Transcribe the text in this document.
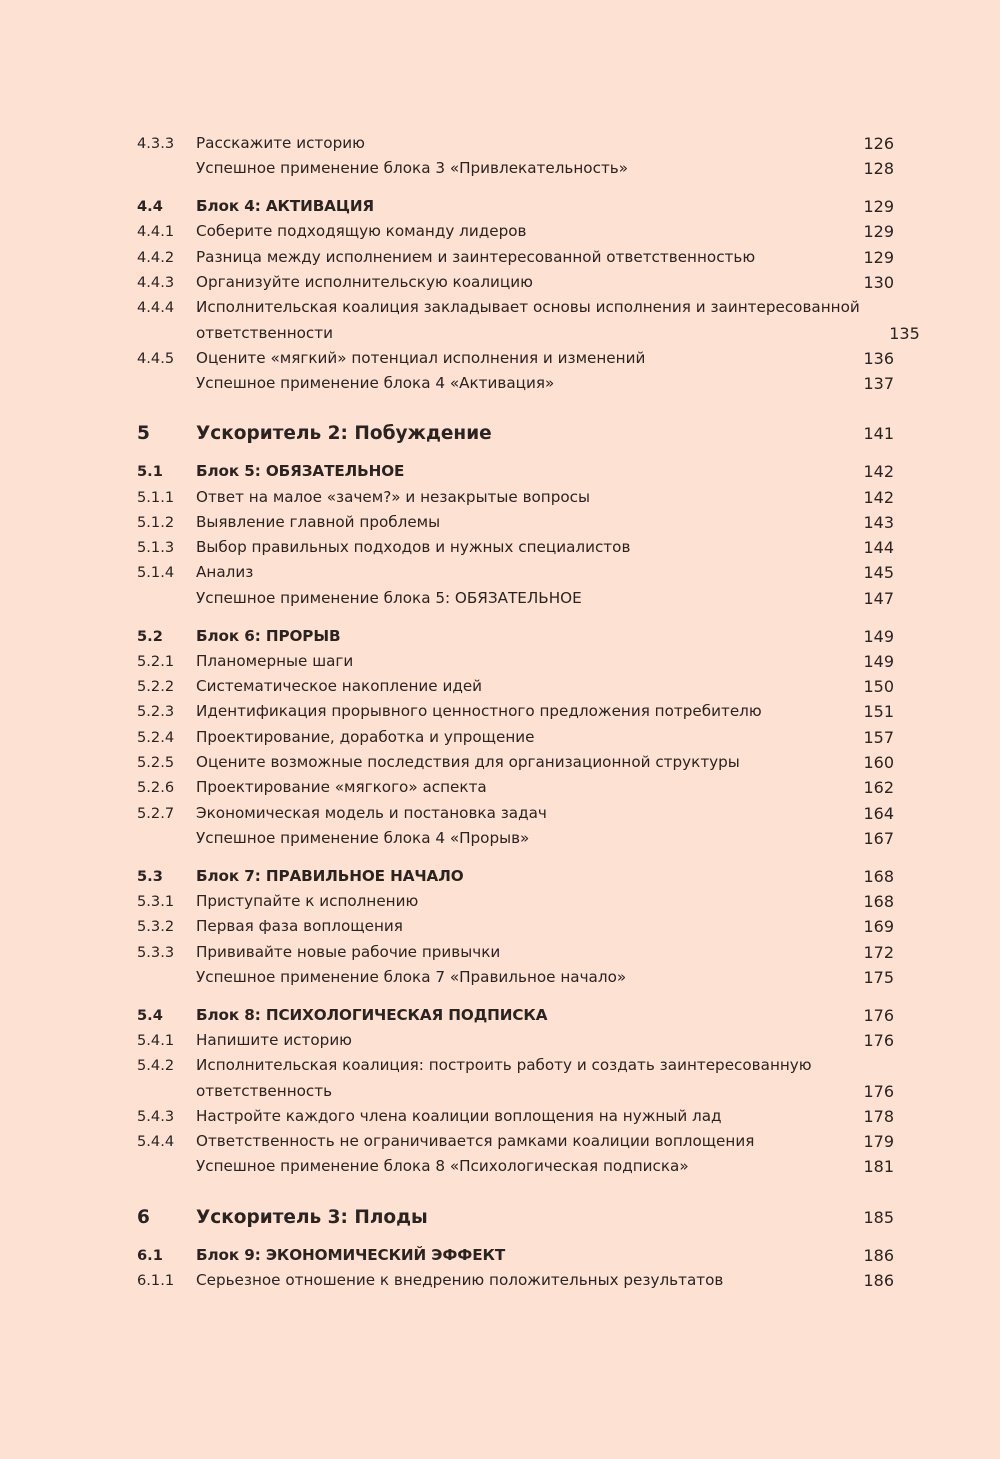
4.3.3	Расскажите историю	126
Успешное применение блока 3 «Привлекательность»	128
4.4	Блок 4: АКТИВАЦИЯ	129
4.4.1	Соберите подходящую команду лидеров	129
4.4.2	Разница между исполнением и заинтересованной ответственностью	129
4.4.3	Организуйте исполнительскую коалицию	130
4.4.4	Исполнительская коалиция закладывает основы исполнения и заинтересованной
ответственности	135
4.4.5	Оцените «мягкий» потенциал исполнения и изменений	136
Успешное применение блока 4 «Активация»	137
5	Ускоритель 2: Побуждение	141
5.1	Блок 5: ОБЯЗАТЕЛЬНОЕ	142
5.1.1	Ответ на малое «зачем?» и незакрытые вопросы	142
5.1.2	Выявление главной проблемы	143
5.1.3	Выбор правильных подходов и нужных специалистов	144
5.1.4	Анализ	145
Успешное применение блока 5: ОБЯЗАТЕЛЬНОЕ	147
5.2	Блок 6: ПРОРЫВ	149
5.2.1	Планомерные шаги	149
5.2.2	Систематическое накопление идей	150
5.2.3	Идентификация прорывного ценностного предложения потребителю	151
5.2.4	Проектирование, доработка и упрощение	157
5.2.5	Оцените возможные последствия для организационной структуры	160
5.2.6	Проектирование «мягкого» аспекта	162
5.2.7	Экономическая модель и постановка задач	164
Успешное применение блока 4 «Прорыв»	167
5.3	Блок 7: ПРАВИЛЬНОЕ НАЧАЛО	168
5.3.1	Приступайте к исполнению	168
5.3.2	Первая фаза воплощения	169
5.3.3	Прививайте новые рабочие привычки	172
Успешное применение блока 7 «Правильное начало»	175
5.4	Блок 8: ПСИХОЛОГИЧЕСКАЯ ПОДПИСКА	176
5.4.1	Напишите историю	176
5.4.2	Исполнительская коалиция: построить работу и создать заинтересованную
ответственность	176
5.4.3	Настройте каждого члена коалиции воплощения на нужный лад	178
5.4.4	Ответственность не ограничивается рамками коалиции воплощения	179
Успешное применение блока 8 «Психологическая подписка»	181
6	Ускоритель 3: Плоды	185
6.1	Блок 9: ЭКОНОМИЧЕСКИЙ ЭФФЕКТ	186
6.1.1	Серьезное отношение к внедрению положительных результатов	186
